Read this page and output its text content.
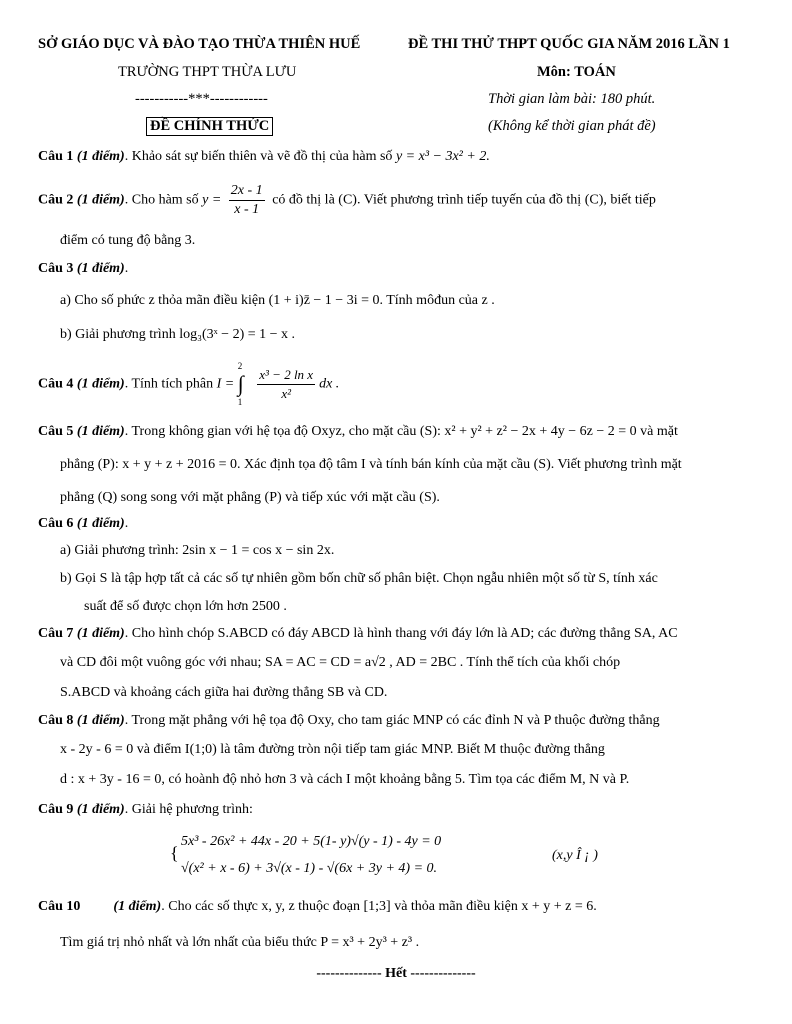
SỞ GIÁO DỤC VÀ ĐÀO TẠO THỪA THIÊN HUẾ	ĐỀ THI THỬ THPT QUỐC GIA NĂM 2016 LẦN 1
TRƯỜNG THPT THỪA LƯU	Môn: TOÁN
-----------***------------	Thời gian làm bài: 180 phút.
ĐỀ CHÍNH THỨC	(Không kể thời gian phát đề)
Câu 1 (1 điểm). Khảo sát sự biến thiên và vẽ đồ thị của hàm số y = x³ − 3x² + 2.
Câu 2 (1 điểm). Cho hàm số $y = \frac{2x - 1}{x - 1}$ có đồ thị là (C). Viết phương trình tiếp tuyến của đồ thị (C), biết tiếp
điểm có tung độ bằng 3.
Câu 3 (1 điểm).
a) Cho số phức z thỏa mãn điều kiện (1 + i)z̄ − 1 − 3i = 0. Tính môđun của z .
b) Giải phương trình log₃(3ˣ − 2) = 1 − x .
Câu 4 (1 điểm). Tính tích phân I = ∫
2
1
$\frac{\text{x³ − 2 ln x}}{\text{x²}}$ dx .
Câu 5 (1 điểm). Trong không gian với hệ tọa độ Oxyz, cho mặt cầu (S): x² + y² + z² − 2x + 4y − 6z − 2 = 0 và mặt
phẳng (P): x + y + z + 2016 = 0. Xác định tọa độ tâm I và tính bán kính của mặt cầu (S). Viết phương trình mặt
phẳng (Q) song song với mặt phẳng (P) và tiếp xúc với mặt cầu (S).
Câu 6 (1 điểm).
a) Giải phương trình: 2sin x − 1 = cos x − sin 2x.
b) Gọi S là tập hợp tất cả các số tự nhiên gồm bốn chữ số phân biệt. Chọn ngẫu nhiên một số từ S, tính xác
suất để số được chọn lớn hơn 2500 .
Câu 7 (1 điểm). Cho hình chóp S.ABCD có đáy ABCD là hình thang với đáy lớn là AD; các đường thẳng SA, AC
và CD đôi một vuông góc với nhau; SA = AC = CD = a√2 , AD = 2BC . Tính thể tích của khối chóp
S.ABCD và khoảng cách giữa hai đường thẳng SB và CD.
Câu 8 (1 điểm). Trong mặt phẳng với hệ tọa độ Oxy, cho tam giác MNP có các đỉnh N và P thuộc đường thẳng
x - 2y - 6 = 0 và điểm I(1;0) là tâm đường tròn nội tiếp tam giác MNP. Biết M thuộc đường thẳng
d : x + 3y - 16 = 0, có hoành độ nhỏ hơn 3 và cách I một khoảng bằng 5. Tìm tọa các điểm M, N và P.
Câu 9 (1 điểm). Giải hệ phương trình:
{
5x³ - 26x² + 44x - 20 + 5(1- y)√(y - 1) - 4y = 0
√(x² + x - 6) + 3√(x - 1) - √(6x + 3y + 4) = 0.
(x,y Î ¡ )
Câu 10 (1 điểm). Cho các số thực x, y, z thuộc đoạn [1;3] và thỏa mãn điều kiện x + y + z = 6.
Tìm giá trị nhỏ nhất và lớn nhất của biểu thức P = x³ + 2y³ + z³ .
-------------- Hết --------------
